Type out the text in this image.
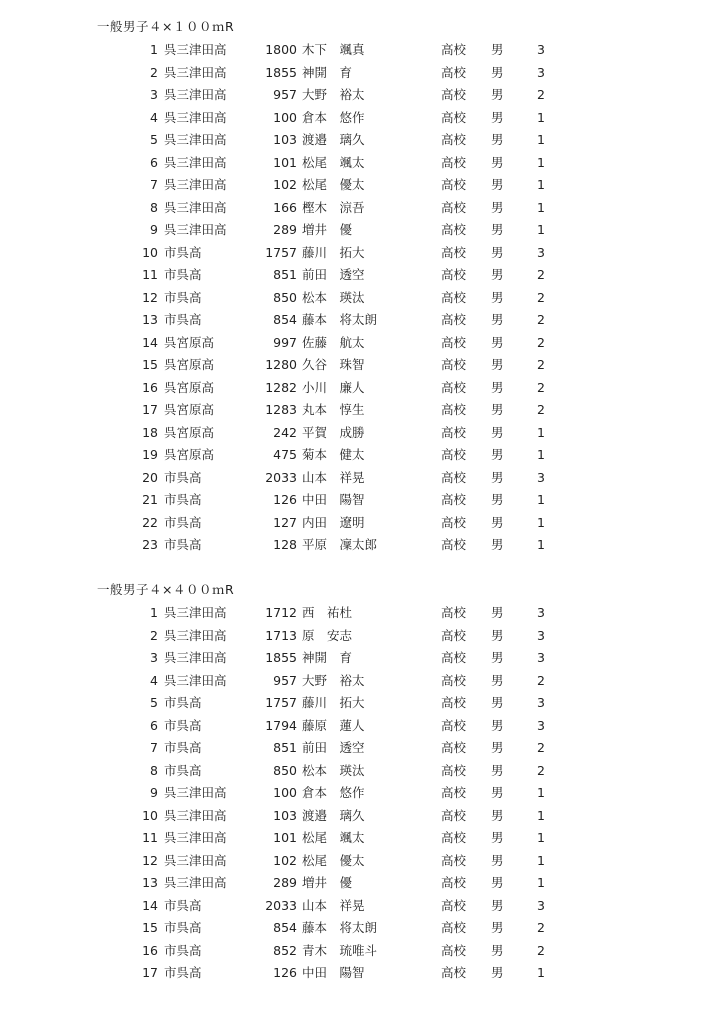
一般男子４×１００ｍR
1 呉三津田高	1800 木下　颯真	高校 男	3
2 呉三津田高	1855 神開　育	高校 男	3
3 呉三津田高	957 大野　裕太	高校 男	2
4 呉三津田高	100 倉本　悠作	高校 男	1
5 呉三津田高	103 渡邉　璃久	高校 男	1
6 呉三津田高	101 松尾　颯太	高校 男	1
7 呉三津田高	102 松尾　優太	高校 男	1
8 呉三津田高	166 樫木　涼吾	高校 男	1
9 呉三津田高	289 増井　優	高校 男	1
10 市呉高	1757 藤川　拓大	高校 男	3
11 市呉高	851 前田　透空	高校 男	2
12 市呉高	850 松本　瑛汰	高校 男	2
13 市呉高	854 藤本　将太朗	高校 男	2
14 呉宮原高	997 佐藤　航太	高校 男	2
15 呉宮原高	1280 久谷　珠智	高校 男	2
16 呉宮原高	1282 小川　廉人	高校 男	2
17 呉宮原高	1283 丸本　惇生	高校 男	2
18 呉宮原高	242 平賀　成勝	高校 男	1
19 呉宮原高	475 菊本　健太	高校 男	1
20 市呉高	2033 山本　祥晃	高校 男	3
21 市呉高	126 中田　陽智	高校 男	1
22 市呉高	127 内田　遼明	高校 男	1
23 市呉高	128 平原　凜太郎	高校 男	1
一般男子４×４００ｍR
1 呉三津田高	1712 西　祐杜	高校 男	3
2 呉三津田高	1713 原　安志	高校 男	3
3 呉三津田高	1855 神開　育	高校 男	3
4 呉三津田高	957 大野　裕太	高校 男	2
5 市呉高	1757 藤川　拓大	高校 男	3
6 市呉高	1794 藤原　蓮人	高校 男	3
7 市呉高	851 前田　透空	高校 男	2
8 市呉高	850 松本　瑛汰	高校 男	2
9 呉三津田高	100 倉本　悠作	高校 男	1
10 呉三津田高	103 渡邉　璃久	高校 男	1
11 呉三津田高	101 松尾　颯太	高校 男	1
12 呉三津田高	102 松尾　優太	高校 男	1
13 呉三津田高	289 増井　優	高校 男	1
14 市呉高	2033 山本　祥晃	高校 男	3
15 市呉高	854 藤本　将太朗	高校 男	2
16 市呉高	852 青木　琉唯斗	高校 男	2
17 市呉高	126 中田　陽智	高校 男	1
